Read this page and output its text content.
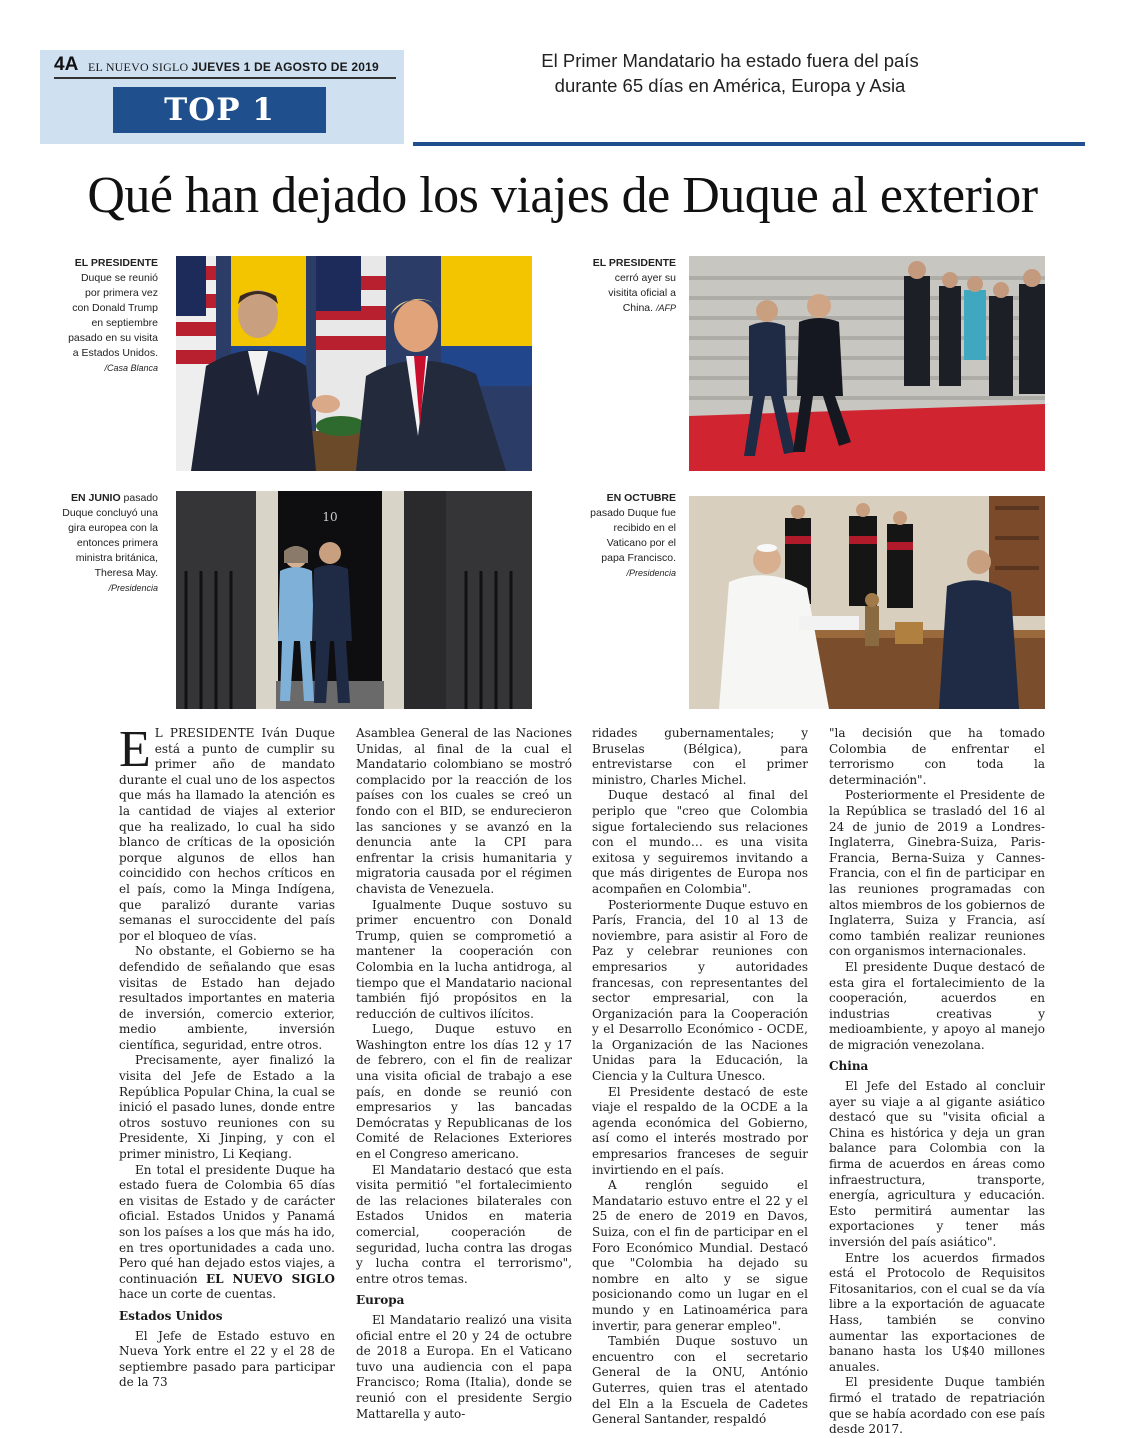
4A EL NUEVO SIGLO JUEVES 1 DE AGOSTO DE 2019
TOP 1
El Primer Mandatario ha estado fuera del país durante 65 días en América, Europa y Asia
Qué han dejado los viajes de Duque al exterior
EL PRESIDENTE Duque se reunió por primera vez con Donald Trump en septiembre pasado en su visita a Estados Unidos. /Casa Blanca
EL PRESIDENTE cerró ayer su visitita oficial a China. /AFP
EN JUNIO pasado Duque concluyó una gira europea con la entonces primera ministra británica, Theresa May. /Presidencia
10
EN OCTUBRE pasado Duque fue recibido en el Vaticano por el papa Francisco. /Presidencia

E L PRESIDENTE Iván Duque está a punto de cumplir su primer año de mandato durante el cual uno de los aspectos que más ha llamado la atención es la cantidad de viajes al exterior que ha realizado, lo cual ha sido blanco de críticas de la oposición porque algunos de ellos han coincidido con hechos críticos en el país, como la Minga Indígena, que paralizó durante varias semanas el suroccidente del país por el bloqueo de vías.

No obstante, el Gobierno se ha defendido de señalando que esas visitas de Estado han dejado resultados importantes en materia de inversión, comercio exterior, medio ambiente, inversión científica, seguridad, entre otros.

Precisamente, ayer finalizó la visita del Jefe de Estado a la República Popular China, la cual se inició el pasado lunes, donde entre otros sostuvo reuniones con su Presidente, Xi Jinping, y con el primer ministro, Li Keqiang.

En total el presidente Duque ha estado fuera de Colombia 65 días en visitas de Estado y de carácter oficial. Estados Unidos y Panamá son los países a los que más ha ido, en tres oportunidades a cada uno. Pero qué han dejado estos viajes, a continuación EL NUEVO SIGLO hace un corte de cuentas.

Estados Unidos

El Jefe de Estado estuvo en Nueva York entre el 22 y el 28 de septiembre pasado para participar de la 73

Asamblea General de las Naciones Unidas, al final de la cual el Mandatario colombiano se mostró complacido por la reacción de los países con los cuales se creó un fondo con el BID, se endurecieron las sanciones y se avanzó en la denuncia ante la CPI para enfrentar la crisis humanitaria y migratoria causada por el régimen chavista de Venezuela.

Igualmente Duque sostuvo su primer encuentro con Donald Trump, quien se comprometió a mantener la cooperación con Colombia en la lucha antidroga, al tiempo que el Mandatario nacional también fijó propósitos en la reducción de cultivos ilícitos.

Luego, Duque estuvo en Washington entre los días 12 y 17 de febrero, con el fin de realizar una visita oficial de trabajo a ese país, en donde se reunió con empresarios y las bancadas Demócratas y Republicanas de los Comité de Relaciones Exteriores en el Congreso americano.

El Mandatario destacó que esta visita permitió "el fortalecimiento de las relaciones bilaterales con Estados Unidos en materia comercial, cooperación de seguridad, lucha contra las drogas y lucha contra el terrorismo", entre otros temas.

Europa

El Mandatario realizó una visita oficial entre el 20 y 24 de octubre de 2018 a Europa. En el Vaticano tuvo una audiencia con el papa Francisco; Roma (Italia), donde se reunió con el presidente Sergio Mattarella y auto-

ridades gubernamentales; y Bruselas (Bélgica), para entrevistarse con el primer ministro, Charles Michel.

Duque destacó al final del periplo que "creo que Colombia sigue fortaleciendo sus relaciones con el mundo… es una visita exitosa y seguiremos invitando a que más dirigentes de Europa nos acompañen en Colombia".

Posteriormente Duque estuvo en París, Francia, del 10 al 13 de noviembre, para asistir al Foro de Paz y celebrar reuniones con empresarios y autoridades francesas, con representantes del sector empresarial, con la Organización para la Cooperación y el Desarrollo Económico - OCDE, la Organización de las Naciones Unidas para la Educación, la Ciencia y la Cultura Unesco.

El Presidente destacó de este viaje el respaldo de la OCDE a la agenda económica del Gobierno, así como el interés mostrado por empresarios franceses de seguir invirtiendo en el país.

A renglón seguido el Mandatario estuvo entre el 22 y el 25 de enero de 2019 en Davos, Suiza, con el fin de participar en el Foro Económico Mundial. Destacó que "Colombia ha dejado su nombre en alto y se sigue posicionando como un lugar en el mundo y en Latinoamérica para invertir, para generar empleo".

También Duque sostuvo un encuentro con el secretario General de la ONU, António Guterres, quien tras el atentado del Eln a la Escuela de Cadetes General Santander, respaldó

"la decisión que ha tomado Colombia de enfrentar el terrorismo con toda la determinación".

Posteriormente el Presidente de la República se trasladó del 16 al 24 de junio de 2019 a Londres-Inglaterra, Ginebra-Suiza, Paris-Francia, Berna-Suiza y Cannes-Francia, con el fin de participar en las reuniones programadas con altos miembros de los gobiernos de Inglaterra, Suiza y Francia, así como también realizar reuniones con organismos internacionales.

El presidente Duque destacó de esta gira el fortalecimiento de la cooperación, acuerdos en industrias creativas y medioambiente, y apoyo al manejo de migración venezolana.

China

El Jefe del Estado al concluir ayer su viaje a al gigante asiático destacó que su "visita oficial a China es histórica y deja un gran balance para Colombia con la firma de acuerdos en áreas como infraestructura, transporte, energía, agricultura y educación. Esto permitirá aumentar las exportaciones y tener más inversión del país asiático".

Entre los acuerdos firmados está el Protocolo de Requisitos Fitosanitarios, con el cual se da vía libre a la exportación de aguacate Hass, también se convino aumentar las exportaciones de banano hasta los U$40 millones anuales.

El presidente Duque también firmó el tratado de repatriación que se había acordado con ese país desde 2017.
